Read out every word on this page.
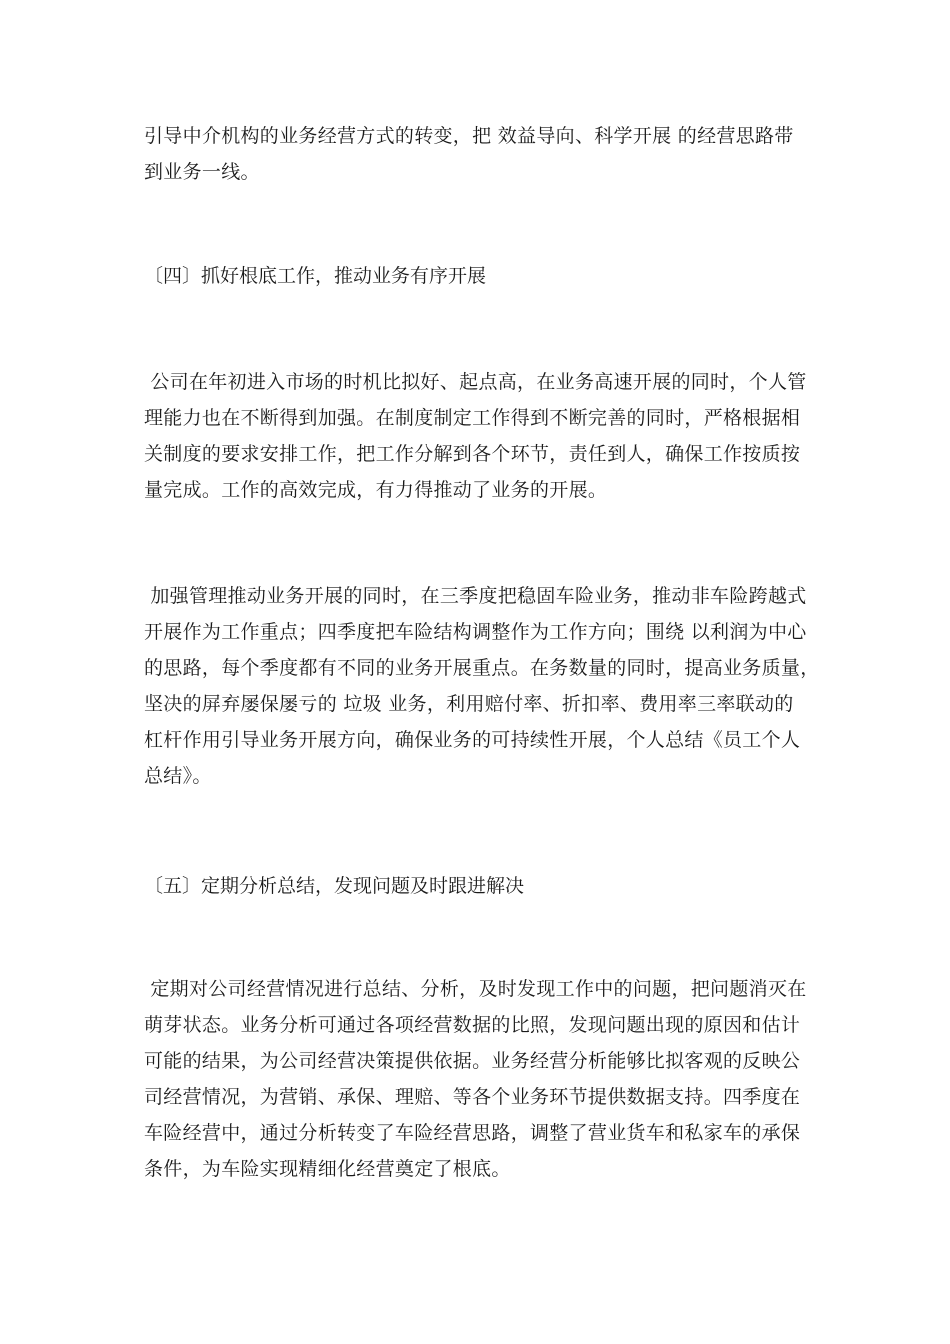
引导中介机构的业务经营方式的转变，把 效益导向、科学开展 的经营思路带
到业务一线。
〔四〕抓好根底工作，推动业务有序开展
公司在年初进入市场的时机比拟好、起点高，在业务高速开展的同时，个人管
理能力也在不断得到加强。在制度制定工作得到不断完善的同时，严格根据相
关制度的要求安排工作，把工作分解到各个环节，责任到人，确保工作按质按
量完成。工作的高效完成，有力得推动了业务的开展。
加强管理推动业务开展的同时，在三季度把稳固车险业务，推动非车险跨越式
开展作为工作重点；四季度把车险结构调整作为工作方向；围绕 以利润为中心
的思路，每个季度都有不同的业务开展重点。在务数量的同时，提高业务质量，
坚决的屏弃屡保屡亏的 垃圾 业务，利用赔付率、折扣率、费用率三率联动的
杠杆作用引导业务开展方向，确保业务的可持续性开展，个人总结《员工个人
总结》。
〔五〕定期分析总结，发现问题及时跟进解决
定期对公司经营情况进行总结、分析，及时发现工作中的问题，把问题消灭在
萌芽状态。业务分析可通过各项经营数据的比照，发现问题出现的原因和估计
可能的结果，为公司经营决策提供依据。业务经营分析能够比拟客观的反映公
司经营情况，为营销、承保、理赔、等各个业务环节提供数据支持。四季度在
车险经营中，通过分析转变了车险经营思路，调整了营业货车和私家车的承保
条件，为车险实现精细化经营奠定了根底。
